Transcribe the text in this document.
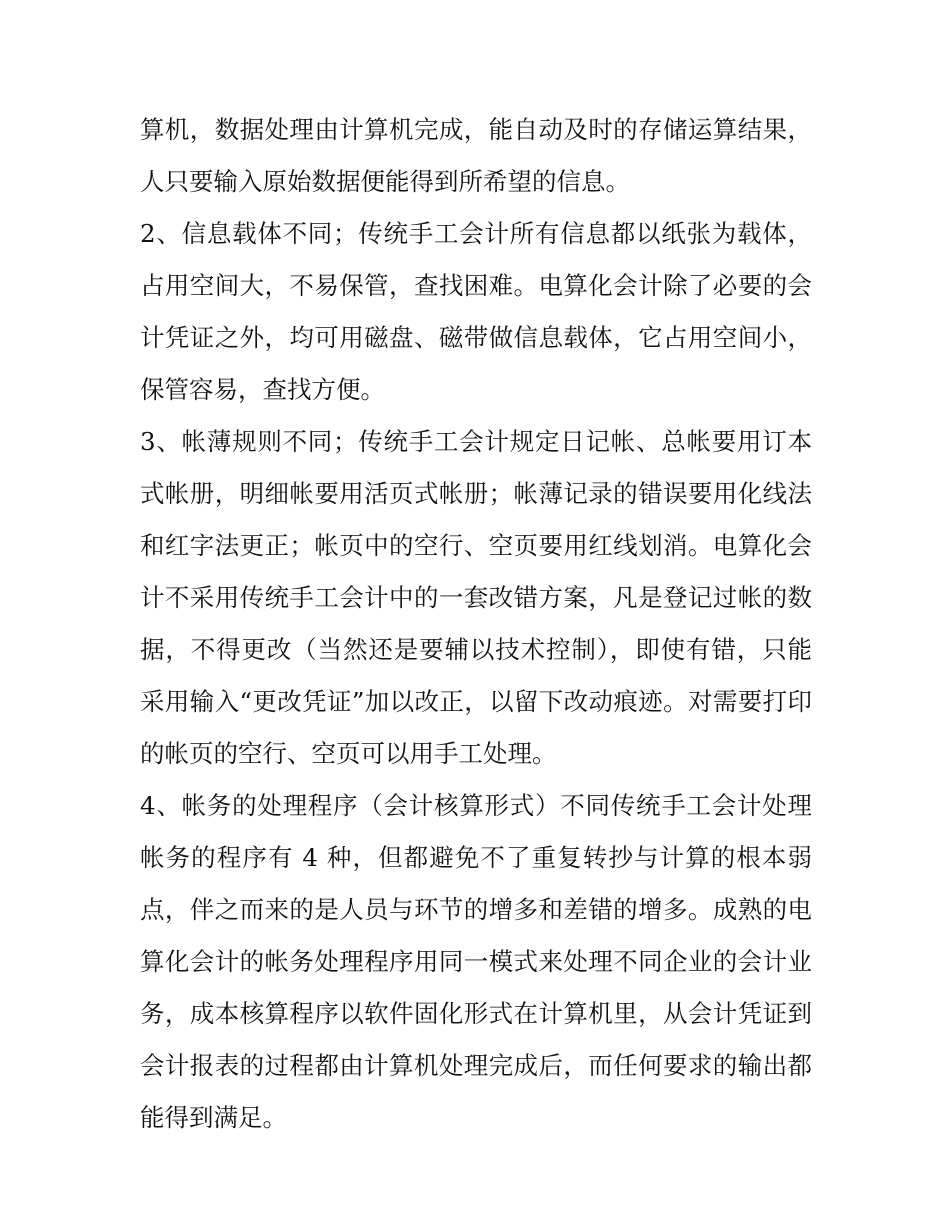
算机，数据处理由计算机完成，能自动及时的存储运算结果，
人只要输入原始数据便能得到所希望的信息。
2、信息载体不同；传统手工会计所有信息都以纸张为载体，
占用空间大，不易保管，查找困难。电算化会计除了必要的会
计凭证之外，均可用磁盘、磁带做信息载体，它占用空间小，
保管容易，查找方便。
3、帐薄规则不同；传统手工会计规定日记帐、总帐要用订本
式帐册，明细帐要用活页式帐册；帐薄记录的错误要用化线法
和红字法更正；帐页中的空行、空页要用红线划消。电算化会
计不采用传统手工会计中的一套改错方案，凡是登记过帐的数
据，不得更改（当然还是要辅以技术控制），即使有错，只能
采用输入“更改凭证”加以改正，以留下改动痕迹。对需要打印
的帐页的空行、空页可以用手工处理。
4、帐务的处理程序（会计核算形式）不同传统手工会计处理
帐务的程序有 4 种，但都避免不了重复转抄与计算的根本弱
点，伴之而来的是人员与环节的增多和差错的增多。成熟的电
算化会计的帐务处理程序用同一模式来处理不同企业的会计业
务，成本核算程序以软件固化形式在计算机里，从会计凭证到
会计报表的过程都由计算机处理完成后，而任何要求的输出都
能得到满足。
